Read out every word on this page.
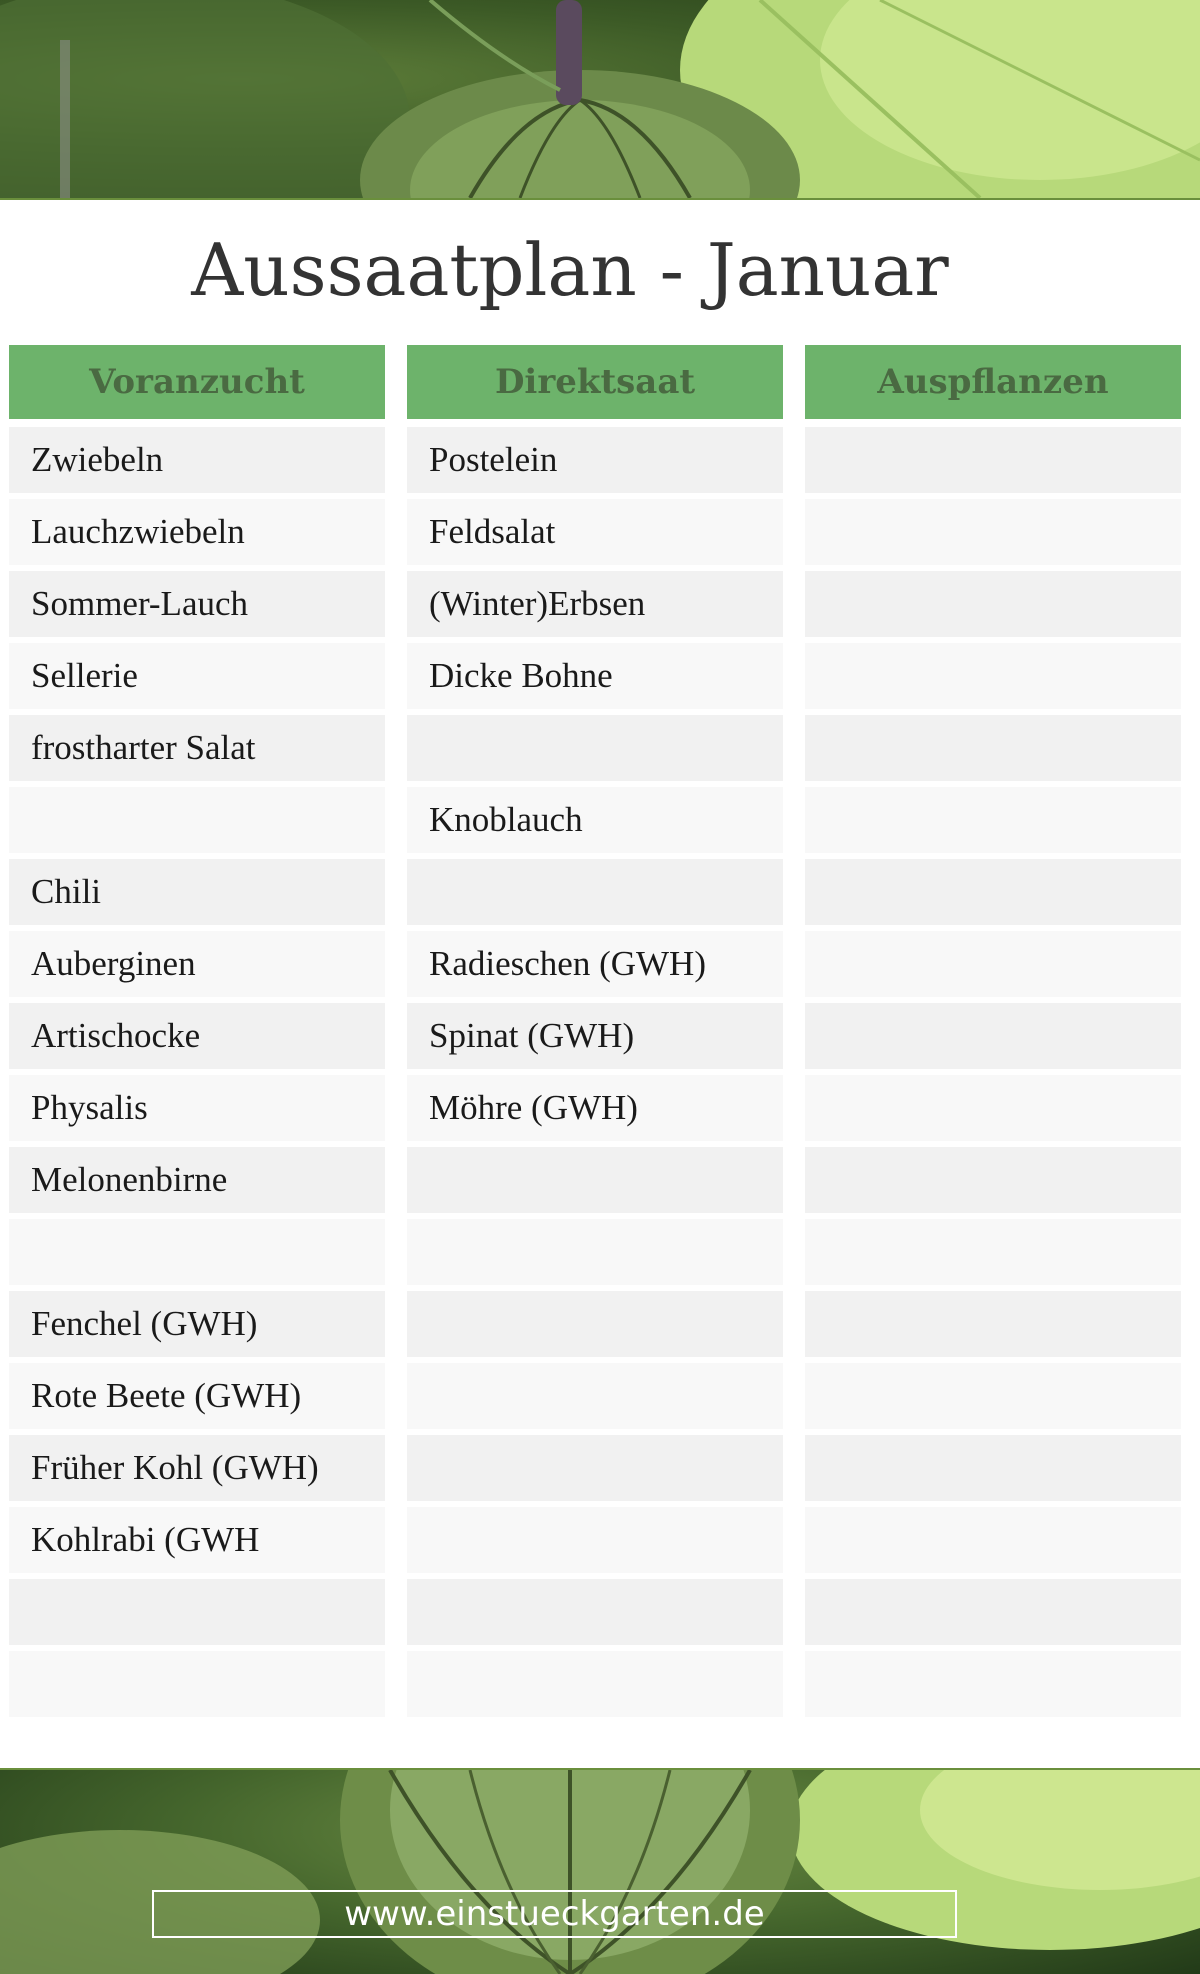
Aussaatplan - Januar
Voranzucht
Zwiebeln
Lauchzwiebeln
Sommer-Lauch
Sellerie
frostharter Salat
Chili
Auberginen
Artischocke
Physalis
Melonenbirne
Fenchel (GWH)
Rote Beete (GWH)
Früher Kohl (GWH)
Kohlrabi (GWH
Direktsaat
Postelein
Feldsalat
(Winter)Erbsen
Dicke Bohne
Knoblauch
Radieschen (GWH)
Spinat (GWH)
Möhre (GWH)
Auspflanzen
www.einstueckgarten.de
